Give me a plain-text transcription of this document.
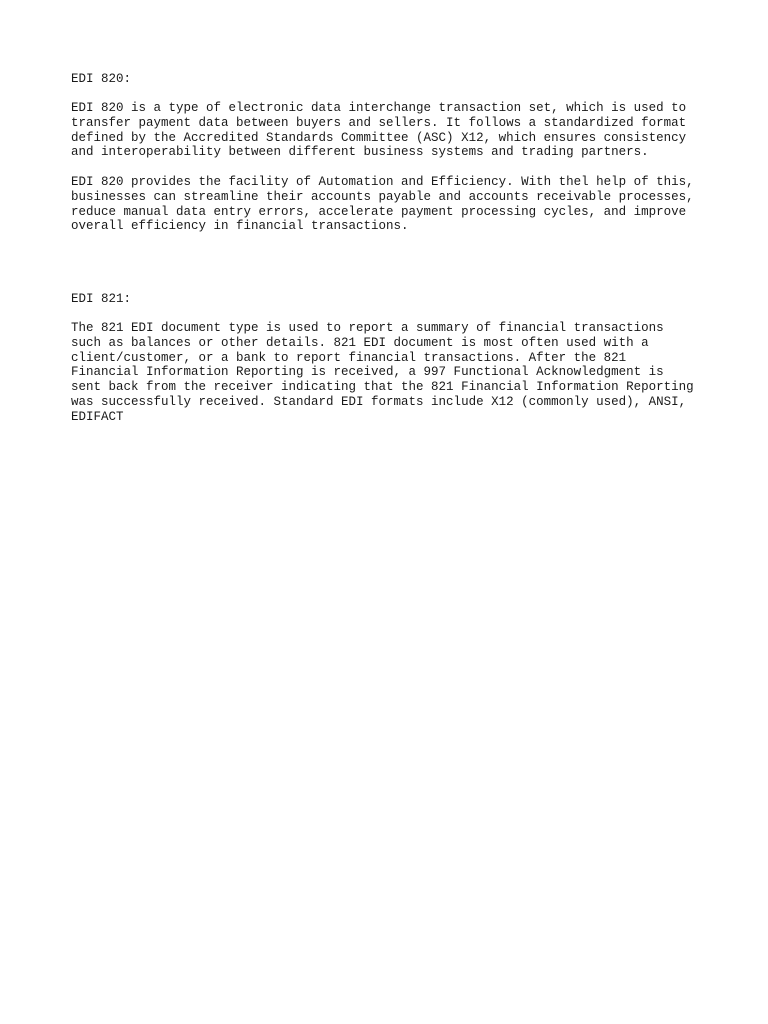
EDI 820:

EDI 820 is a type of electronic data interchange transaction set, which is used to
transfer payment data between buyers and sellers. It follows a standardized format
defined by the Accredited Standards Committee (ASC) X12, which ensures consistency
and interoperability between different business systems and trading partners.

EDI 820 provides the facility of Automation and Efficiency. With thel help of this,
businesses can streamline their accounts payable and accounts receivable processes,
reduce manual data entry errors, accelerate payment processing cycles, and improve
overall efficiency in financial transactions.

EDI 821:

The 821 EDI document type is used to report a summary of financial transactions
such as balances or other details. 821 EDI document is most often used with a
client/customer, or a bank to report financial transactions. After the 821
Financial Information Reporting is received, a 997 Functional Acknowledgment is
sent back from the receiver indicating that the 821 Financial Information Reporting
was successfully received. Standard EDI formats include X12 (commonly used), ANSI,
EDIFACT
